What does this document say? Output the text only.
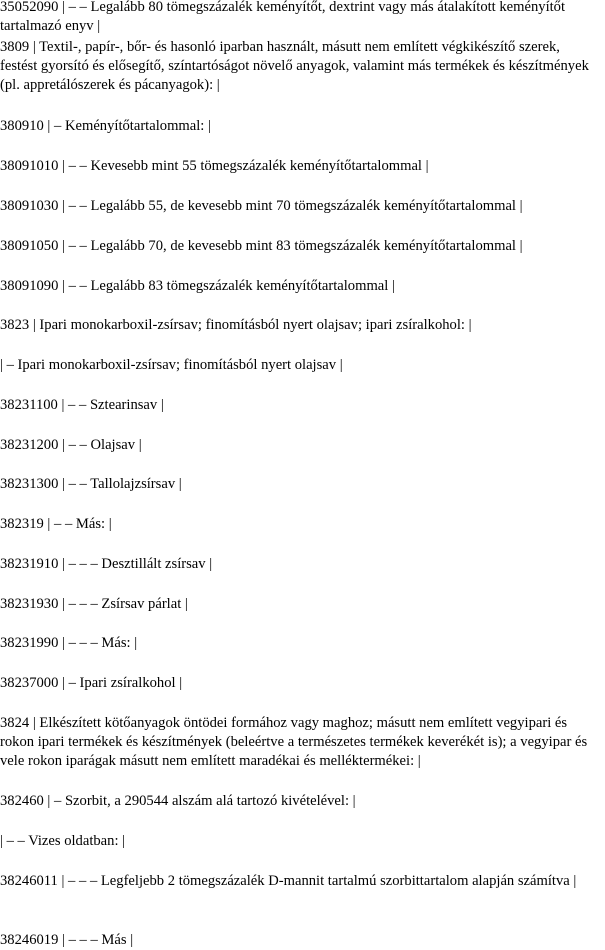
35052090 | – – Legalább 80 tömegszázalék keményítőt, dextrint vagy más átalakított keményítőt tartalmazó enyv |

3809 | Textil-, papír-, bőr- és hasonló iparban használt, másutt nem említett végkikészítő szerek, festést gyorsító és elősegítő, színtartóságot növelő anyagok, valamint más termékek és készítmények (pl. appretálószerek és pácanyagok): |

380910 | – Keményítőtartalommal: |

38091010 | – – Kevesebb mint 55 tömegszázalék keményítőtartalommal |

38091030 | – – Legalább 55, de kevesebb mint 70 tömegszázalék keményítőtartalommal |

38091050 | – – Legalább 70, de kevesebb mint 83 tömegszázalék keményítőtartalommal |

38091090 | – – Legalább 83 tömegszázalék keményítőtartalommal |

3823 | Ipari monokarboxil-zsírsav; finomításból nyert olajsav; ipari zsíralkohol: |

| – Ipari monokarboxil-zsírsav; finomításból nyert olajsav |

38231100 | – – Sztearinsav |

38231200 | – – Olajsav |

38231300 | – – Tallolajzsírsav |

382319 | – – Más: |

38231910 | – – – Desztillált zsírsav |

38231930 | – – – Zsírsav párlat |

38231990 | – – – Más: |

38237000 | – Ipari zsíralkohol |

3824 | Elkészített kötőanyagok öntödei formához vagy maghoz; másutt nem említett vegyipari és rokon ipari termékek és készítmények (beleértve a természetes termékek keverékét is); a vegyipar és vele rokon iparágak másutt nem említett maradékai és melléktermékei: |

382460 | – Szorbit, a 290544 alszám alá tartozó kivételével: |

| – – Vizes oldatban: |

38246011 | – – – Legfeljebb 2 tömegszázalék D-mannit tartalmú szorbittartalom alapján számítva |

38246019 | – – – Más |
